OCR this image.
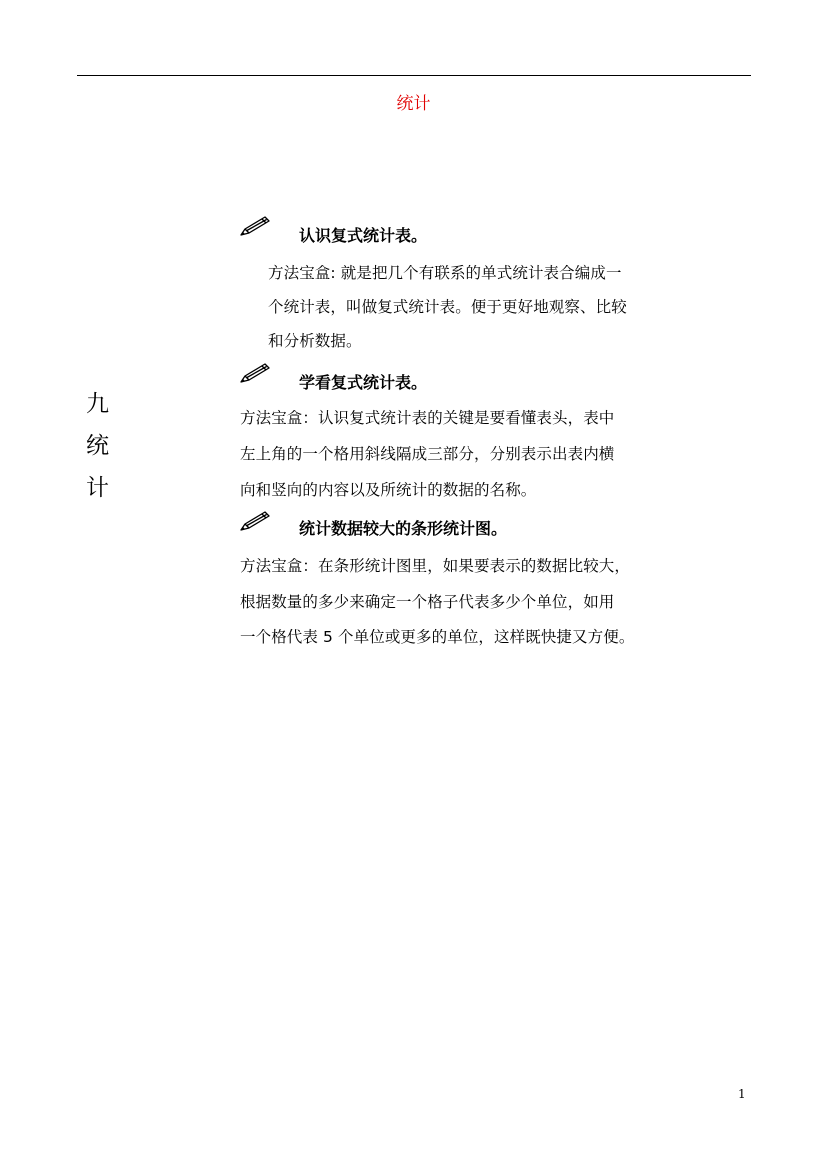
统计
九
统
计
认识复式统计表。
方法宝盒: 就是把几个有联系的单式统计表合编成一
个统计表，叫做复式统计表。便于更好地观察、比较
和分析数据。
学看复式统计表。
方法宝盒：认识复式统计表的关键是要看懂表头，表中
左上角的一个格用斜线隔成三部分，分别表示出表内横
向和竖向的内容以及所统计的数据的名称。
统计数据较大的条形统计图。
方法宝盒：在条形统计图里，如果要表示的数据比较大，
根据数量的多少来确定一个格子代表多少个单位，如用
一个格代表 5 个单位或更多的单位，这样既快捷又方便。
1
